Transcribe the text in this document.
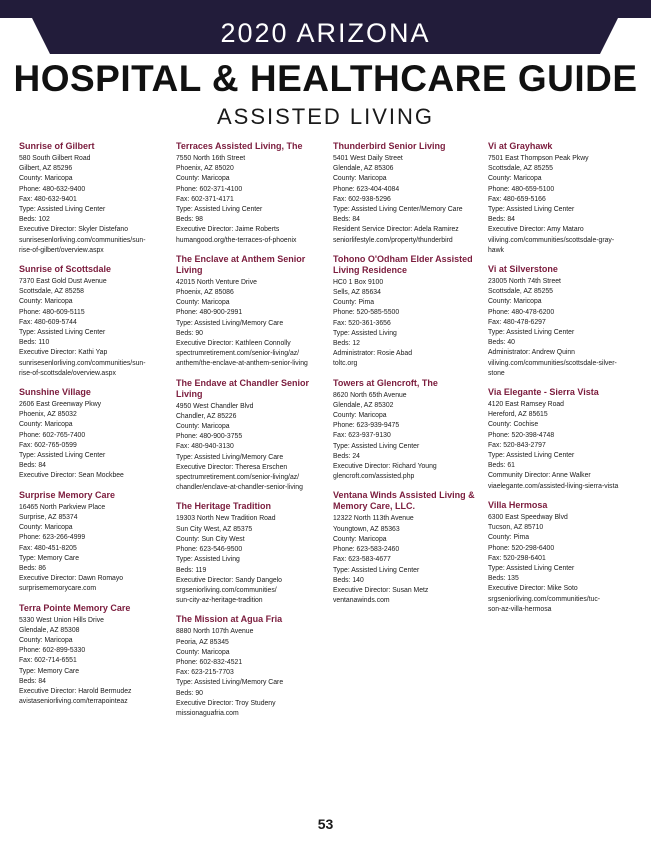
2020 ARIZONA
HOSPITAL & HEALTHCARE GUIDE
ASSISTED LIVING
Sunrise of Gilbert
580 South Gilbert Road
Gilbert, AZ 85296
County: Maricopa
Phone: 480-632-9400
Fax: 480-632-9401
Type: Assisted Living Center
Beds: 102
Executive Director: Skyler Distefano
sunrisesenlorliving.com/communities/sun-
rise-of-gilbert/overview.aspx
Sunrise of Scottsdale
7370 East Gold Dust Avenue
Scottsdale, AZ 85258
County: Maricopa
Phone: 480-609-5115
Fax: 480-609-5744
Type: Assisted Living Center
Beds: 110
Executive Director: Kathi Yap
sunrisesenlorliving.com/communities/sun-
rise-of-scottsdale/overview.aspx
Sunshine Village
2606 East Greenway Pkwy
Phoenix, AZ 85032
County: Maricopa
Phone: 602-765-7400
Fax: 602-765-0599
Type: Assisted Living Center
Beds: 84
Executive Director: Sean Mockbee
Surprise Memory Care
16465 North Parkview Place
Surprise, AZ 85374
County: Maricopa
Phone: 623-266-4999
Fax: 480-451-8205
Type: Memory Care
Beds: 86
Executive Director: Dawn Romayo
surprisememorycare.com
Terra Pointe Memory Care
5330 West Union Hills Drive
Glendale, AZ 85308
County: Maricopa
Phone: 602-899-5330
Fax: 602-714-6551
Type: Memory Care
Beds: 84
Executive Director: Harold Bermudez
avistaseniorliving.com/terrapointeaz
Terraces Assisted Living, The
7550 North 16th Street
Phoenix, AZ 85020
County: Maricopa
Phone: 602-371-4100
Fax: 602-371-4171
Type: Assisted Living Center
Beds: 98
Executive Director: Jaime Roberts
humangood.org/the-terraces-of-phoenix
The Enclave at Anthem Senior Living
42015 North Venture Drive
Phoenix, AZ 85086
County: Maricopa
Phone: 480-900-2991
Type: Assisted Living/Memory Care
Beds: 90
Executive Director: Kathleen Connolly
spectrumretirement.com/senior-living/az/
anthem/the-enclave-at-anthem-senior-living
The Endave at Chandler Senior Living
4950 West Chandler Blvd
Chandler, AZ 85226
County: Maricopa
Phone: 480-900-3755
Fax: 480-940-3130
Type: Assisted Living/Memory Care
Executive Director: Theresa Erschen
spectrumretirement.com/senior-living/az/
chandler/enclave-at-chandler-senior-living
The Heritage Tradition
19303 North New Tradition Road
Sun City West, AZ 85375
County: Sun City West
Phone: 623-546-9500
Type: Assisted Living
Beds: 119
Executive Director: Sandy Dangelo
srgseniorliving.com/communities/
sun-city-az-heritage-tradition
The Mission at Agua Fria
8880 North 107th Avenue
Peoria, AZ 85345
County: Maricopa
Phone: 602-832-4521
Fax: 623-215-7703
Type: Assisted Living/Memory Care
Beds: 90
Executive Director: Troy Studeny
missionaguafria.com
Thunderbird Senior Living
5401 West Daily Street
Glendale, AZ 85306
County: Maricopa
Phone: 623-404-4084
Fax: 602-938-5296
Type: Assisted Living Center/Memory Care
Beds: 84
Resident Service Director: Adela Ramirez
seniorlifestyle.com/property/thunderbird
Tohono O'Odham Elder Assisted Living Residence
HC0 1 Box 9100
Sells, AZ 85634
County: Pima
Phone: 520-585-5500
Fax: 520-361-3656
Type: Assisted Living
Beds: 12
Administrator: Rosie Abad
toltc.org
Towers at Glencroft, The
8620 North 65th Avenue
Glendale, AZ 85302
County: Maricopa
Phone: 623-939-9475
Fax: 623-937-9130
Type: Assisted Living Center
Beds: 24
Executive Director: Richard Young
glencroft.com/assisted.php
Ventana Winds Assisted Living & Memory Care, LLC.
12322 North 113th Avenue
Youngtown, AZ 85363
County: Maricopa
Phone: 623-583-2460
Fax: 623-583-4677
Type: Assisted Living Center
Beds: 140
Executive Director: Susan Metz
ventanawinds.com
Vi at Grayhawk
7501 East Thompson Peak Pkwy
Scottsdale, AZ 85255
County: Maricopa
Phone: 480-659-5100
Fax: 480-659-5166
Type: Assisted Living Center
Beds: 84
Executive Director: Amy Mataro
viliving.com/communities/scottsdale-gray-
hawk
Vi at Silverstone
23005 North 74th Street
Scottsdale, AZ 85255
County: Maricopa
Phone: 480-478-6200
Fax: 480-478-6297
Type: Assisted Living Center
Beds: 40
Administrator: Andrew Quinn
viliving.com/communities/scottsdale-silver-
stone
Via Elegante - Sierra Vista
4120 East Ramsey Road
Hereford, AZ 85615
County: Cochise
Phone: 520-398-4748
Fax: 520-843-2797
Type: Assisted Living Center
Beds: 61
Community Director: Anne Walker
viaelegante.com/assisted-living-sierra-vista
Villa Hermosa
6300 East Speedway Blvd
Tucson, AZ 85710
County: Pima
Phone: 520-298-6400
Fax: 520-298-6401
Type: Assisted Living Center
Beds: 135
Executive Director: Mike Soto
srgseniorliving.com/communities/tuc-
son-az-villa-hermosa
53
